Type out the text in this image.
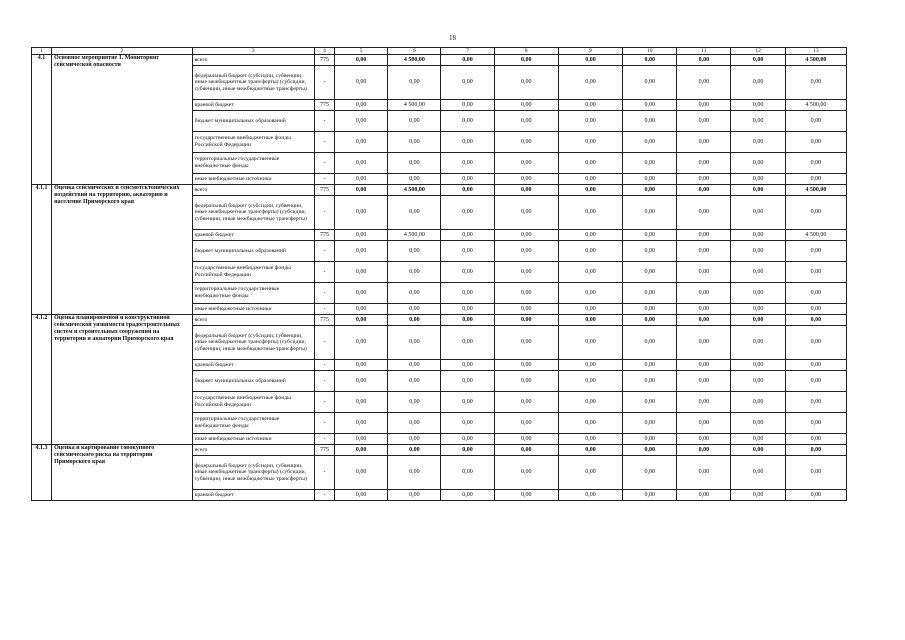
18
1	2	3	4	5	6	7	8	9	10	11	12	13
4.1	Основное мероприятие 1. Мониторинг сейсмической опасности	всего	775	0,00	4 500,00	0,00	0,00	0,00	0,00	0,00	0,00	4 500,00
		федеральный бюджет (субсидии, субвенции, иные межбюджетные трансферты) (субсидии, субвенции, иные межбюджетные трансферты)	-	0,00	0,00	0,00	0,00	0,00	0,00	0,00	0,00	0,00
		краевой бюджет	775	0,00	4 500,00	0,00	0,00	0,00	0,00	0,00	0,00	4 500,00
		бюджет муниципальных образований	-	0,00	0,00	0,00	0,00	0,00	0,00	0,00	0,00	0,00
		государственные внебюджетные фонды Российской Федерации	-	0,00	0,00	0,00	0,00	0,00	0,00	0,00	0,00	0,00
		территориальные государственные внебюджетные фонды	-	0,00	0,00	0,00	0,00	0,00	0,00	0,00	0,00	0,00
		иные внебюджетные источники	-	0,00	0,00	0,00	0,00	0,00	0,00	0,00	0,00	0,00
4.1.1	Оценка сейсмических и сейсмотсктонических воздействий на территорию, акваторию и население Приморского края	всего	775	0,00	4 500,00	0,00	0,00	0,00	0,00	0,00	0,00	4 500,00
		федеральный бюджет (субсидии, субвенции, иные межбюджетные трансферты) (субсидии, субвенции, иные межбюджетные трансферты)	-	0,00	0,00	0,00	0,00	0,00	0,00	0,00	0,00	0,00
		краевой бюджет	775	0,00	4 500,00	0,00	0,00	0,00	0,00	0,00	0,00	4 500,00
		бюджет муниципальных образований	-	0,00	0,00	0,00	0,00	0,00	0,00	0,00	0,00	0,00
		государственные внебюджетные фонды Российской Федерации	-	0,00	0,00	0,00	0,00	0,00	0,00	0,00	0,00	0,00
		территориальные государственные внебюджетные фонды	-	0,00	0,00	0,00	0,00	0,00	0,00	0,00	0,00	0,00
		иные внебюджетные источники	-	0,00	0,00	0,00	0,00	0,00	0,00	0,00	0,00	0,00
4.1.2	Оценка планировочной и конструктивной сейсмической уязвимости градостроительных систем и строительных сооружений на территории и акватории Приморского края	всего	775	0,00	0,00	0,00	0,00	0,00	0,00	0,00	0,00	0,00
		федеральный бюджет (субсидии, субвенции, иные межбюджетные трансферты) (субсидии, субвенции, иные межбюджетные трансферты)	-	0,00	0,00	0,00	0,00	0,00	0,00	0,00	0,00	0,00
		краевой бюджет	-	0,00	0,00	0,00	0,00	0,00	0,00	0,00	0,00	0,00
		бюджет муниципальных образований	-	0,00	0,00	0,00	0,00	0,00	0,00	0,00	0,00	0,00
		государственные внебюджетные фонды Российской Федерации	-	0,00	0,00	0,00	0,00	0,00	0,00	0,00	0,00	0,00
		территориальные государственные внебюджетные фонды	-	0,00	0,00	0,00	0,00	0,00	0,00	0,00	0,00	0,00
		иные внебюджетные источники	-	0,00	0,00	0,00	0,00	0,00	0,00	0,00	0,00	0,00
4.1.3	Оценка и картирование совокупного сейсмического риска на территории Приморского края	всего	775	0,00	0,00	0,00	0,00	0,00	0,00	0,00	0,00	0,00
		федеральный бюджет (субсидии, субвенции, иные межбюджетные трансферты) (субсидии, субвенции, иные межбюджетные трансферты)	-	0,00	0,00	0,00	0,00	0,00	0,00	0,00	0,00	0,00
		краевой бюджет	-	0,00	0,00	0,00	0,00	0,00	0,00	0,00	0,00	0,00
